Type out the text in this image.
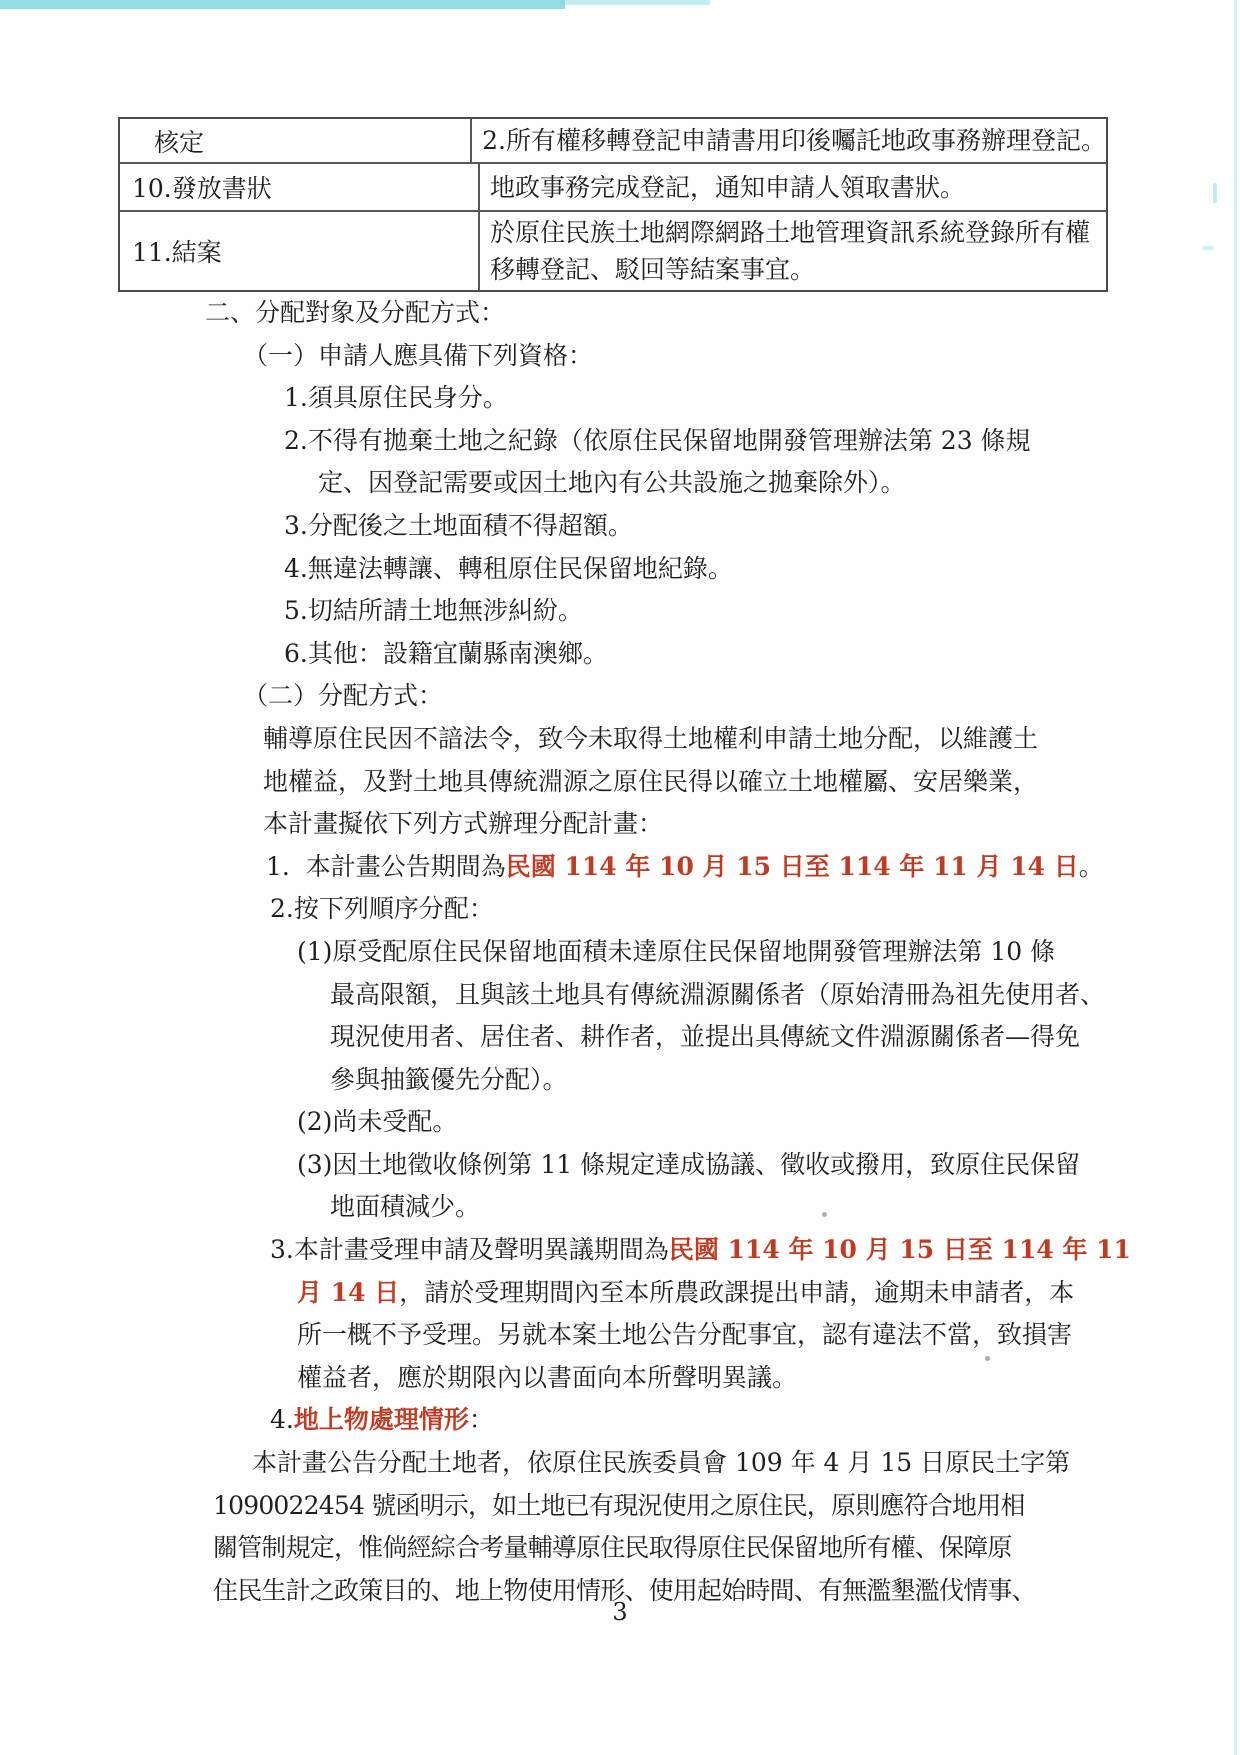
核定	2.所有權移轉登記申請書用印後囑託地政事務辦理登記。
10.發放書狀	地政事務完成登記，通知申請人領取書狀。
11.結案
於原住民族土地網際網路土地管理資訊系統登錄所有權
移轉登記、駁回等結案事宜。
二、分配對象及分配方式：
（一）申請人應具備下列資格：
1.須具原住民身分。
2.不得有拋棄土地之紀錄（依原住民保留地開發管理辦法第 23 條規
定、因登記需要或因土地內有公共設施之拋棄除外）。
3.分配後之土地面積不得超額。
4.無違法轉讓、轉租原住民保留地紀錄。
5.切結所請土地無涉糾紛。
6.其他：設籍宜蘭縣南澳鄉。
（二）分配方式：
輔導原住民因不諳法令，致今未取得土地權利申請土地分配，以維護土
地權益，及對土地具傳統淵源之原住民得以確立土地權屬、安居樂業，
本計畫擬依下列方式辦理分配計畫：
1.  本計畫公告期間為民國 114 年 10 月 15 日至 114 年 11 月 14 日。
2.按下列順序分配：
(1)原受配原住民保留地面積未達原住民保留地開發管理辦法第 10 條
最高限額，且與該土地具有傳統淵源關係者（原始清冊為祖先使用者、
現況使用者、居住者、耕作者，並提出具傳統文件淵源關係者—得免
參與抽籤優先分配）。
(2)尚未受配。
(3)因土地徵收條例第 11 條規定達成協議、徵收或撥用，致原住民保留
地面積減少。
3.本計畫受理申請及聲明異議期間為民國 114 年 10 月 15 日至 114 年 11
月 14 日，請於受理期間內至本所農政課提出申請，逾期未申請者，本
所一概不予受理。另就本案土地公告分配事宜，認有違法不當，致損害
權益者，應於期限內以書面向本所聲明異議。
4.地上物處理情形：
本計畫公告分配土地者，依原住民族委員會 109 年 4 月 15 日原民土字第
1090022454 號函明示，如土地已有現況使用之原住民，原則應符合地用相
關管制規定，惟倘經綜合考量輔導原住民取得原住民保留地所有權、保障原
住民生計之政策目的、地上物使用情形、使用起始時間、有無濫墾濫伐情事、
3
